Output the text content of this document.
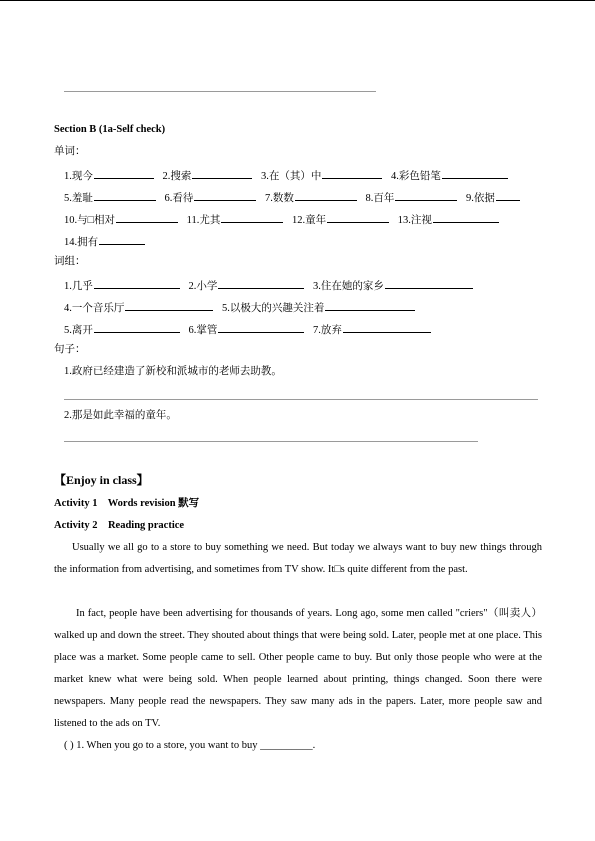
Section B (1a-Self check)
单词：
1.现今	2.搜索	3.在（其）中	4.彩色铅笔
5.羞耻	6.看待	7.数数	8.百年	9.依据
10.与□相对	11.尤其	12.童年	13.注视
14.拥有
词组：
1.几乎	2.小学	3.住在她的家乡
4.一个音乐厅	5.以极大的兴趣关注着
5.离开	6.掌管	7.放弃
句子：
1.政府已经建造了新校和派城市的老师去助教。
2.那是如此幸福的童年。
【Enjoy in class】
Activity 1 Words revision 默写
Activity 2 Reading practice
Usually we all go to a store to buy something we need. But today we always want to buy new things through the information from advertising, and sometimes from TV show. It□s quite different from the past.
In fact, people have been advertising for thousands of years. Long ago, some men called "criers"（叫卖人） walked up and down the street. They shouted about things that were being sold. Later, people met at one place. This place was a market. Some people came to sell. Other people came to buy. But only those people who were at the market knew what were being sold. When people learned about printing, things changed. Soon there were newspapers. Many people read the newspapers. They saw many ads in the papers. Later, more people saw and listened to the ads on TV.
( ) 1. When you go to a store, you want to buy __________.
